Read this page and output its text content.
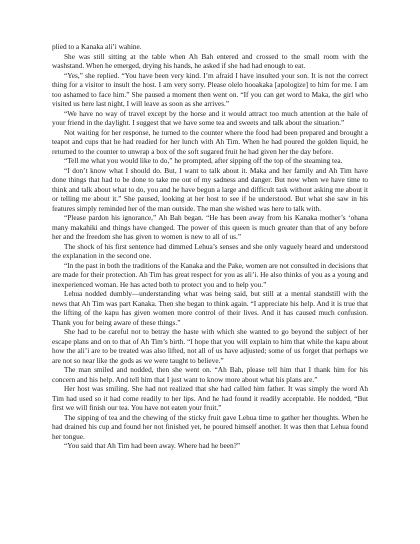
plied to a Kanaka ali’i wahine.

She was still sitting at the table when Ah Bah entered and crossed to the small room with the washstand. When he emerged, drying his hands, he asked if she had had enough to eat.

“Yes,” she replied. “You have been very kind. I’m afraid I have insulted your son. It is not the correct thing for a visitor to insult the host. I am very sorry. Please olelo hooakaka [apologize] to him for me. I am too ashamed to face him.” She paused a moment then went on. “If you can get word to Maka, the girl who visited us here last night, I will leave as soon as she arrives.”

“We have no way of travel except by the horse and it would attract too much attention at the hale of your friend in the daylight. I suggest that we have some tea and sweets and talk about the situation.”

Not waiting for her response, he turned to the counter where the food had been prepared and brought a teapot and cups that he had readied for her lunch with Ah Tim. When he had poured the golden liquid, he returned to the counter to unwrap a box of the soft sugared fruit he had given her the day before.

“Tell me what you would like to do,” he prompted, after sipping off the top of the steaming tea.

“I don’t know what I should do. But, I want to talk about it. Maka and her family and Ah Tim have done things that had to be done to take me out of my sadness and danger. But now when we have time to think and talk about what to do, you and he have begun a large and difficult task without asking me about it or telling me about it.” She paused, looking at her host to see if he understood. But what she saw in his features simply reminded her of the man outside. The man she wished was here to talk with.

“Please pardon his ignorance,” Ah Bah began. “He has been away from his Kanaka mother’s ‘ohana many makahiki and things have changed. The power of this queen is much greater than that of any before her and the freedom she has given to women is new to all of us.”

The shock of his first sentence had dimmed Lehua’s senses and she only vaguely heard and understood the explanation in the second one.

“In the past in both the traditions of the Kanaka and the Pake, women are not consulted in decisions that are made for their protection. Ah Tim has great respect for you as ali’i. He also thinks of you as a young and inexperienced woman. He has acted both to protect you and to help you.”

Lehua nodded dumbly—understanding what was being said, but still at a mental standstill with the news that Ah Tim was part Kanaka. Then she began to think again. “I appreciate his help. And it is true that the lifting of the kapu has given women more control of their lives. And it has caused much confusion. Thank you for being aware of these things.”

She had to be careful not to betray the haste with which she wanted to go beyond the subject of her escape plans and on to that of Ah Tim’s birth. “I hope that you will explain to him that while the kapu about how the ali’i are to be treated was also lifted, not all of us have adjusted; some of us forget that perhaps we are not so near like the gods as we were taught to believe.”

The man smiled and nodded, then she went on. “Ah Bah, please tell him that I thank him for his concern and his help. And tell him that I just want to know more about what his plans are.”

Her host was smiling. She had not realized that she had called him father. It was simply the word Ah Tim had used so it had come readily to her lips. And he had found it readily acceptable. He nodded, “But first we will finish our tea. You have not eaten your fruit.”

The sipping of tea and the chewing of the sticky fruit gave Lehua time to gather her thoughts. When he had drained his cup and found her not finished yet, he poured himself another. It was then that Lehua found her tongue.

“You said that Ah Tim had been away. Where had he been?”
